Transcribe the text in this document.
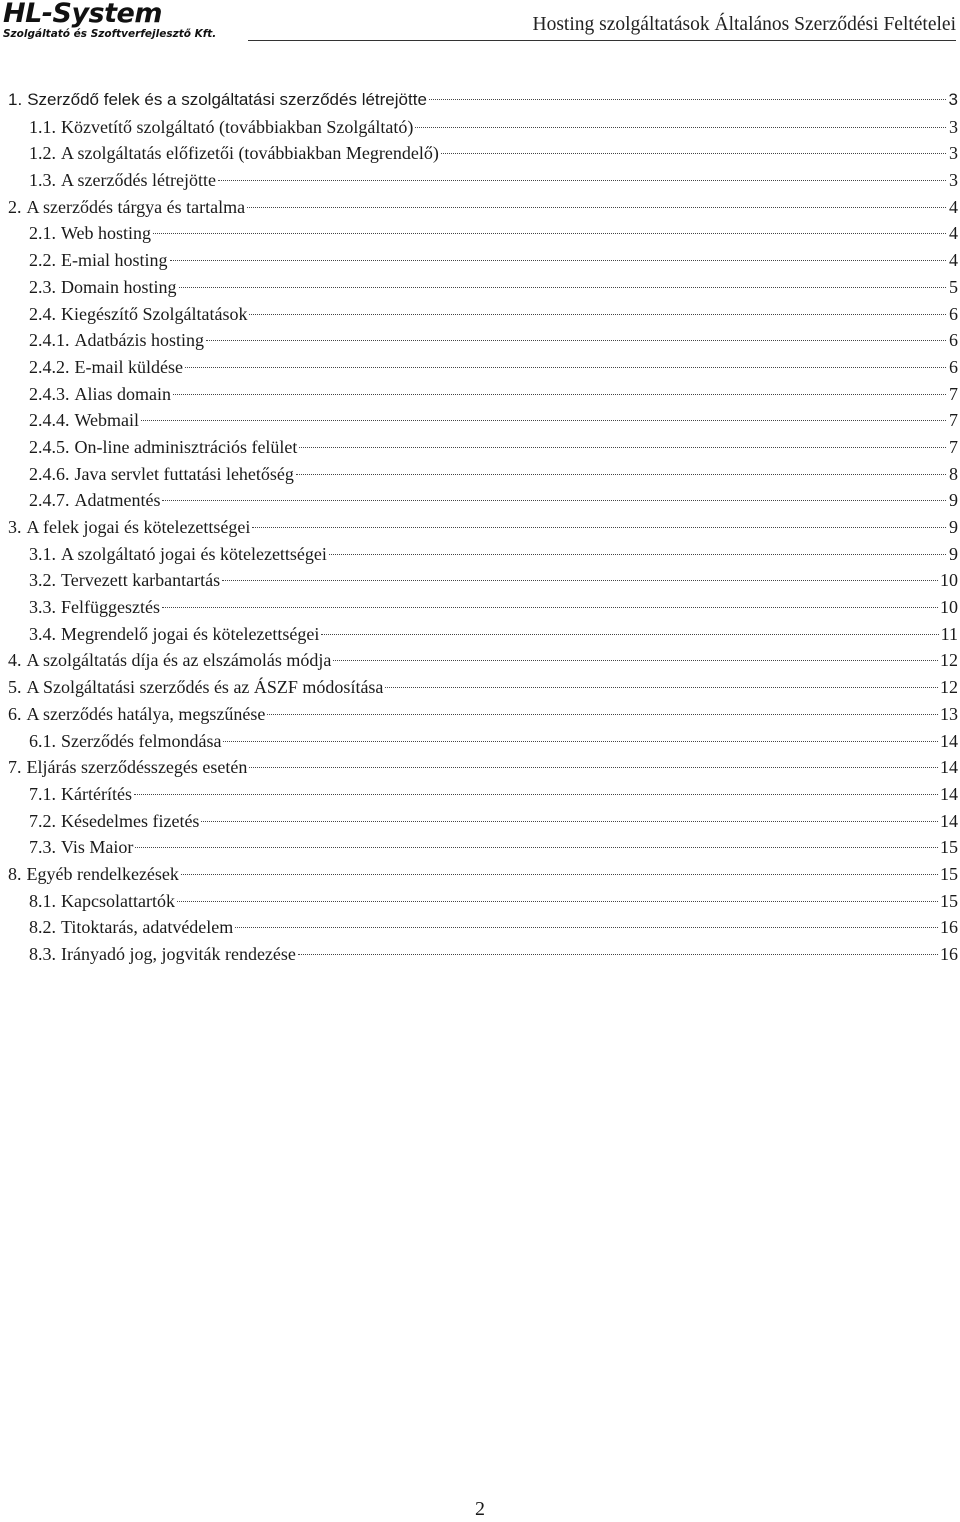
HL-System
Szolgáltató és Szoftverfejlesztő Kft.	Hosting szolgáltatások Általános Szerződési Feltételei
1. Szerződő felek és a szolgáltatási szerződés létrejötte	3
1.1. Közvetítő szolgáltató (továbbiakban Szolgáltató)	3
1.2. A szolgáltatás előfizetői (továbbiakban Megrendelő)	3
1.3. A szerződés létrejötte	3
2. A szerződés tárgya és tartalma	4
2.1. Web hosting	4
2.2. E-mial hosting	4
2.3. Domain hosting	5
2.4. Kiegészítő Szolgáltatások	6
2.4.1. Adatbázis hosting	6
2.4.2. E-mail küldése	6
2.4.3. Alias domain	7
2.4.4. Webmail	7
2.4.5. On-line adminisztrációs felület	7
2.4.6. Java servlet futtatási lehetőség	8
2.4.7. Adatmentés	9
3. A felek jogai és kötelezettségei	9
3.1. A szolgáltató jogai és kötelezettségei	9
3.2. Tervezett karbantartás	10
3.3. Felfüggesztés	10
3.4. Megrendelő jogai és kötelezettségei	11
4. A szolgáltatás díja és az elszámolás módja	12
5. A Szolgáltatási szerződés és az ÁSZF módosítása	12
6. A szerződés hatálya, megszűnése	13
6.1. Szerződés felmondása	14
7. Eljárás szerződésszegés esetén	14
7.1. Kártérítés	14
7.2. Késedelmes fizetés	14
7.3. Vis Maior	15
8. Egyéb rendelkezések	15
8.1. Kapcsolattartók	15
8.2. Titoktarás, adatvédelem	16
8.3. Irányadó jog, jogviták rendezése	16
2
